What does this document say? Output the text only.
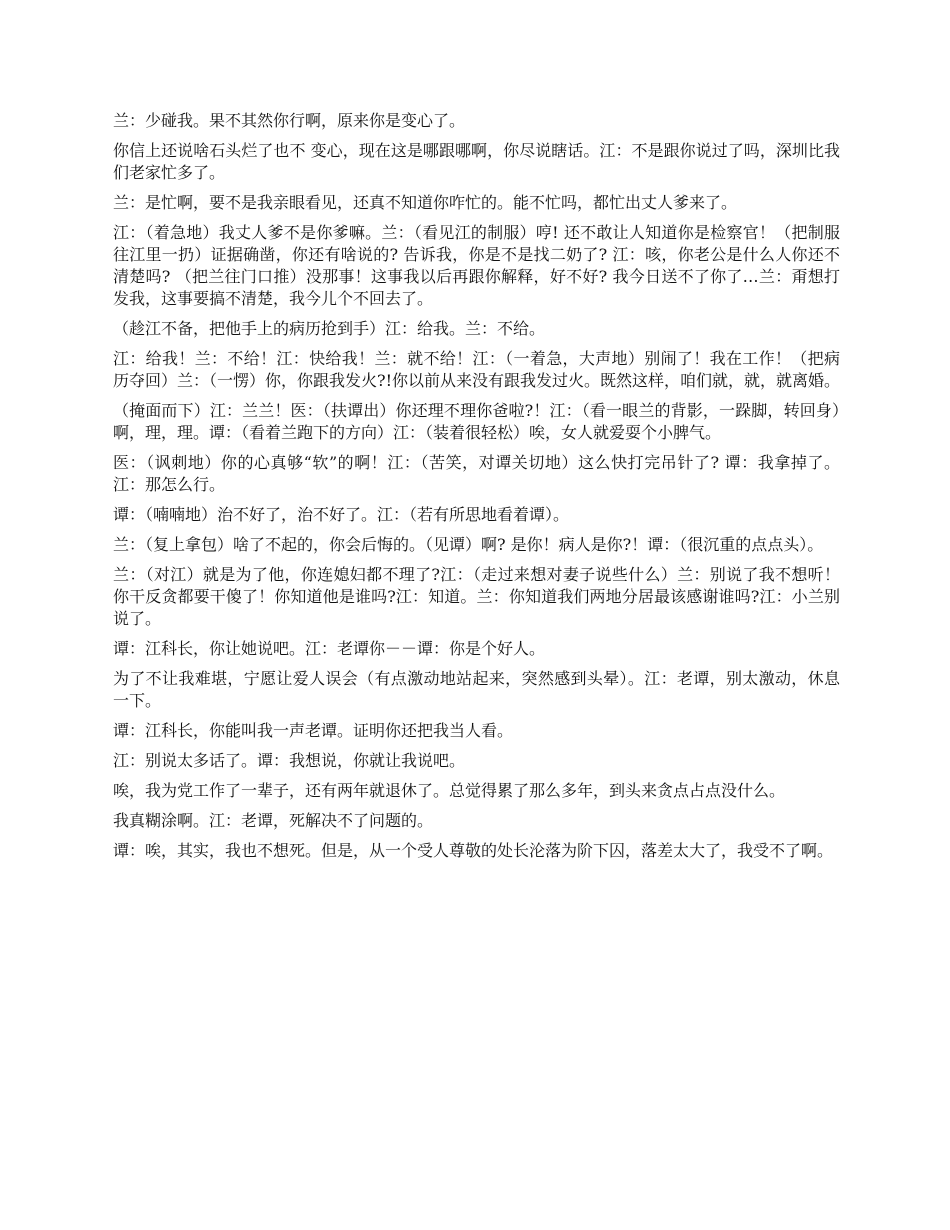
兰：少碰我。果不其然你行啊，原来你是变心了。

你信上还说啥石头烂了也不 变心，现在这是哪跟哪啊，你尽说瞎话。江：不是跟你说过了吗，深圳比我们老家忙多了。

兰：是忙啊，要不是我亲眼看见，还真不知道你咋忙的。能不忙吗，都忙出丈人爹来了。

江：（着急地）我丈人爹不是你爹嘛。兰：（看见江的制服）哼! 还不敢让人知道你是检察官！（把制服往江里一扔）证据确凿，你还有啥说的? 告诉我，你是不是找二奶了? 江：咳，你老公是什么人你还不清楚吗? （把兰往门口推）没那事！这事我以后再跟你解释，好不好? 我今日送不了你了…兰：甭想打发我，这事要搞不清楚，我今儿个不回去了。

（趁江不备，把他手上的病历抢到手）江：给我。兰：不给。

江：给我！兰：不给！江：快给我！兰：就不给！江：（一着急，大声地）别闹了！我在工作！（把病历夺回）兰：（一愣）你，你跟我发火?!你以前从来没有跟我发过火。既然这样，咱们就，就，就离婚。

（掩面而下）江：兰兰！医：（扶谭出）你还理不理你爸啦?！江：（看一眼兰的背影，一跺脚，转回身）啊，理，理。谭：（看着兰跑下的方向）江：（装着很轻松）唉，女人就爱耍个小脾气。

医：（讽刺地）你的心真够“软”的啊！江：（苦笑，对谭关切地）这么快打完吊针了? 谭：我拿掉了。江：那怎么行。

谭：（喃喃地）治不好了，治不好了。江：（若有所思地看着谭）。

兰：（复上拿包）啥了不起的，你会后悔的。（见谭）啊? 是你！病人是你?！谭：（很沉重的点点头）。

兰：（对江）就是为了他，你连媳妇都不理了?江：（走过来想对妻子说些什么）兰：别说了我不想听！你干反贪都要干傻了！你知道他是谁吗?江：知道。兰：你知道我们两地分居最该感谢谁吗?江：小兰别说了。

谭：江科长，你让她说吧。江：老谭你－－谭：你是个好人。

为了不让我难堪，宁愿让爱人误会（有点激动地站起来，突然感到头晕）。江：老谭，别太激动，休息一下。

谭：江科长，你能叫我一声老谭。证明你还把我当人看。

江：别说太多话了。谭：我想说，你就让我说吧。

唉，我为党工作了一辈子，还有两年就退休了。总觉得累了那么多年，到头来贪点占点没什么。

我真糊涂啊。江：老谭，死解决不了问题的。

谭：唉，其实，我也不想死。但是，从一个受人尊敬的处长沦落为阶下囚，落差太大了，我受不了啊。
